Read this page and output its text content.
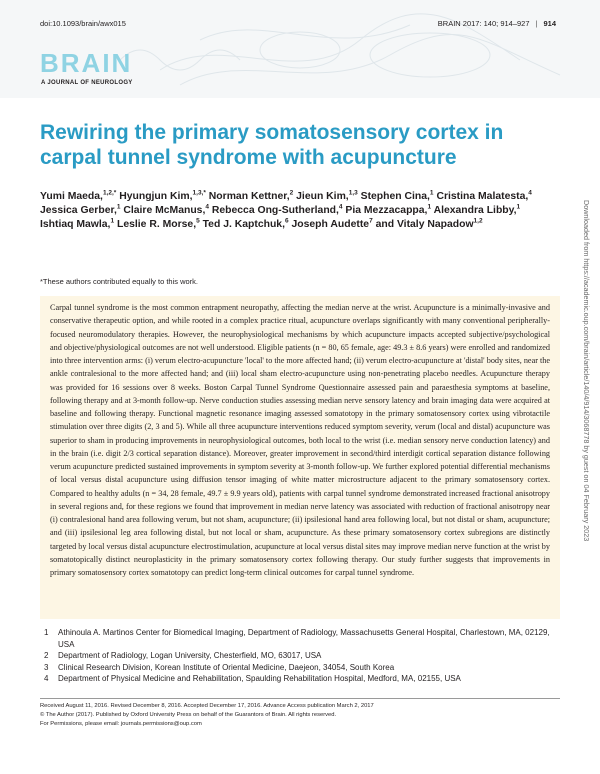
doi:10.1093/brain/awx015	BRAIN 2017: 140; 914–927 | 914
BRAIN
A JOURNAL OF NEUROLOGY
Rewiring the primary somatosensory cortex in carpal tunnel syndrome with acupuncture
Yumi Maeda,$^{1,2,*}$ Hyungjun Kim,$^{1,3,*}$ Norman Kettner,$^2$ Jieun Kim,$^{1,3}$ Stephen Cina,$^1$ Cristina Malatesta,$^4$ Jessica Gerber,$^1$ Claire McManus,$^4$ Rebecca Ong-Sutherland,$^4$ Pia Mezzacappa,$^1$ Alexandra Libby,$^1$ Ishtiaq Mawla,$^1$ Leslie R. Morse,$^5$ Ted J. Kaptchuk,$^6$ Joseph Audette$^7$ and Vitaly Napadow$^{1,2}$
*These authors contributed equally to this work.
Carpal tunnel syndrome is the most common entrapment neuropathy, affecting the median nerve at the wrist. Acupuncture is a minimally-invasive and conservative therapeutic option, and while rooted in a complex practice ritual, acupuncture overlaps significantly with many conventional peripherally-focused neuromodulatory therapies. However, the neurophysiological mechanisms by which acupuncture impacts accepted subjective/psychological and objective/physiological outcomes are not well understood. Eligible patients (n = 80, 65 female, age: 49.3 ± 8.6 years) were enrolled and randomized into three intervention arms: (i) verum electro-acupuncture 'local' to the more affected hand; (ii) verum electro-acupuncture at 'distal' body sites, near the ankle contralesional to the more affected hand; and (iii) local sham electro-acupuncture using non-penetrating placebo needles. Acupuncture therapy was provided for 16 sessions over 8 weeks. Boston Carpal Tunnel Syndrome Questionnaire assessed pain and paraesthesia symptoms at baseline, following therapy and at 3-month follow-up. Nerve conduction studies assessing median nerve sensory latency and brain imaging data were acquired at baseline and following therapy. Functional magnetic resonance imaging assessed somatotopy in the primary somatosensory cortex using vibrotactile stimulation over three digits (2, 3 and 5). While all three acupuncture interventions reduced symptom severity, verum (local and distal) acupuncture was superior to sham in producing improvements in neurophysiological outcomes, both local to the wrist (i.e. median sensory nerve conduction latency) and in the brain (i.e. digit 2/3 cortical separation distance). Moreover, greater improvement in second/third interdigit cortical separation distance following verum acupuncture predicted sustained improvements in symptom severity at 3-month follow-up. We further explored potential differential mechanisms of local versus distal acupuncture using diffusion tensor imaging of white matter microstructure adjacent to the primary somatosensory cortex. Compared to healthy adults (n = 34, 28 female, 49.7 ± 9.9 years old), patients with carpal tunnel syndrome demonstrated increased fractional anisotropy in several regions and, for these regions we found that improvement in median nerve latency was associated with reduction of fractional anisotropy near (i) contralesional hand area following verum, but not sham, acupuncture; (ii) ipsilesional hand area following local, but not distal or sham, acupuncture; and (iii) ipsilesional leg area following distal, but not local or sham, acupuncture. As these primary somatosensory cortex subregions are distinctly targeted by local versus distal acupuncture electrostimulation, acupuncture at local versus distal sites may improve median nerve function at the wrist by somatotopically distinct neuroplasticity in the primary somatosensory cortex following therapy. Our study further suggests that improvements in primary somatosensory cortex somatotopy can predict long-term clinical outcomes for carpal tunnel syndrome.
1	Athinoula A. Martinos Center for Biomedical Imaging, Department of Radiology, Massachusetts General Hospital, Charlestown, MA, 02129, USA
2	Department of Radiology, Logan University, Chesterfield, MO, 63017, USA
3	Clinical Research Division, Korean Institute of Oriental Medicine, Daejeon, 34054, South Korea
4	Department of Physical Medicine and Rehabilitation, Spaulding Rehabilitation Hospital, Medford, MA, 02155, USA
Received August 11, 2016. Revised December 8, 2016. Accepted December 17, 2016. Advance Access publication March 2, 2017
© The Author (2017). Published by Oxford University Press on behalf of the Guarantors of Brain. All rights reserved.
For Permissions, please email: journals.permissions@oup.com
Downloaded from https://academic.oup.com/brain/article/140/4/914/3068778 by guest on 04 February 2023
